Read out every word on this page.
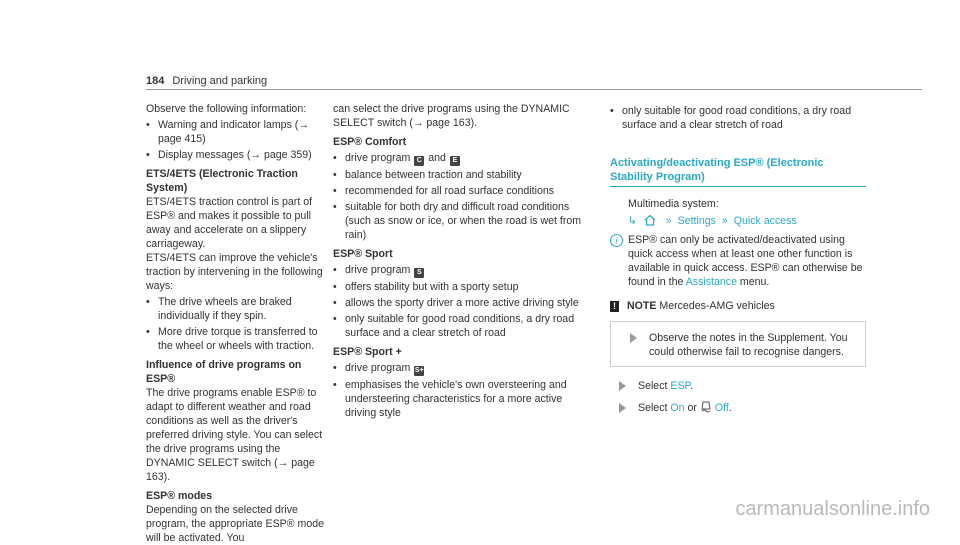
184 Driving and parking

Observe the following information:

• Warning and indicator lamps (→ page 415)
• Display messages (→ page 359)

ETS/4ETS (Electronic Traction System)

ETS/4ETS traction control is part of ESP® and makes it possible to pull away and accelerate on a slippery carriageway.

ETS/4ETS can improve the vehicle's traction by intervening in the following ways:

• The drive wheels are braked individually if they spin.
• More drive torque is transferred to the wheel or wheels with traction.

Influence of drive programs on ESP®

The drive programs enable ESP® to adapt to different weather and road conditions as well as the driver's preferred driving style. You can select the drive programs using the DYNAMIC SELECT switch (→ page 163).

ESP® modes

Depending on the selected drive program, the appropriate ESP® mode will be activated. You

can select the drive programs using the DYNAMIC SELECT switch (→ page 163).

ESP® Comfort

• drive program C and E
• balance between traction and stability
• recommended for all road surface conditions
• suitable for both dry and difficult road conditions (such as snow or ice, or when the road is wet from rain)

ESP® Sport

• drive program S
• offers stability but with a sporty setup
• allows the sporty driver a more active driving style
• only suitable for good road conditions, a dry road surface and a clear stretch of road

ESP® Sport +

• drive program S+
• emphasises the vehicle's own oversteering and understeering characteristics for a more active driving style
• only suitable for good road conditions, a dry road surface and a clear stretch of road
Activating/deactivating ESP® (Electronic Stability Program)

Multimedia system:

↳	» Settings » Quick access
i	ESP® can only be activated/deactivated using quick access when at least one other function is available in quick access. ESP® can otherwise be found in the Assistance menu.
! NOTE
Mercedes-AMG vehicles
Observe the notes in the Supplement. You could otherwise fail to recognise dangers.
Select ESP.
Select On or Off.
carmanualsonline.info
